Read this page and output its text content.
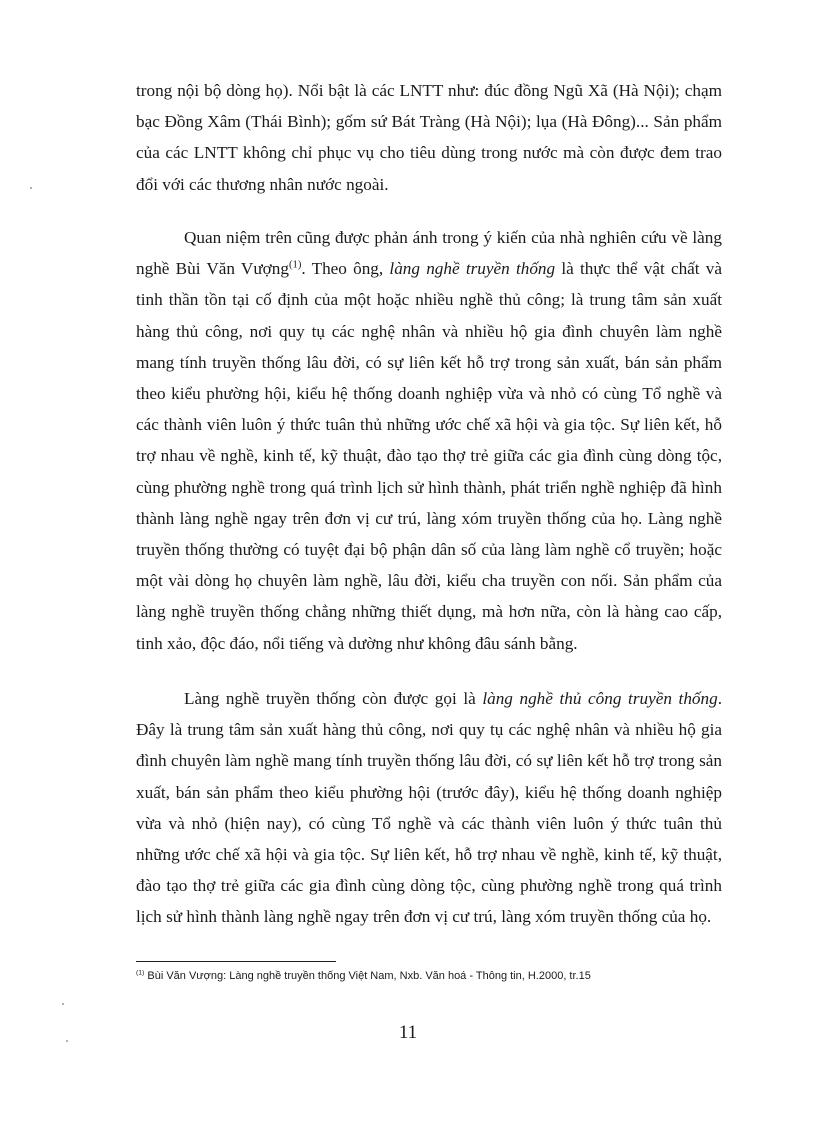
trong nội bộ dòng họ). Nổi bật là các LNTT như: đúc đồng Ngũ Xã (Hà Nội); chạm bạc Đồng Xâm (Thái Bình); gốm sứ Bát Tràng (Hà Nội); lụa (Hà Đông)... Sản phẩm của các LNTT không chỉ phục vụ cho tiêu dùng trong nước mà còn được đem trao đổi với các thương nhân nước ngoài.

Quan niệm trên cũng được phản ánh trong ý kiến của nhà nghiên cứu về làng nghề Bùi Văn Vượng$^{(1)}$. Theo ông, làng nghề truyền thống là thực thể vật chất và tinh thần tồn tại cố định của một hoặc nhiều nghề thủ công; là trung tâm sản xuất hàng thủ công, nơi quy tụ các nghệ nhân và nhiều hộ gia đình chuyên làm nghề mang tính truyền thống lâu đời, có sự liên kết hỗ trợ trong sản xuất, bán sản phẩm theo kiểu phường hội, kiểu hệ thống doanh nghiệp vừa và nhỏ có cùng Tổ nghề và các thành viên luôn ý thức tuân thủ những ước chế xã hội và gia tộc. Sự liên kết, hỗ trợ nhau về nghề, kinh tế, kỹ thuật, đào tạo thợ trẻ giữa các gia đình cùng dòng tộc, cùng phường nghề trong quá trình lịch sử hình thành, phát triển nghề nghiệp đã hình thành làng nghề ngay trên đơn vị cư trú, làng xóm truyền thống của họ. Làng nghề truyền thống thường có tuyệt đại bộ phận dân số của làng làm nghề cổ truyền; hoặc một vài dòng họ chuyên làm nghề, lâu đời, kiểu cha truyền con nối. Sản phẩm của làng nghề truyền thống chẳng những thiết dụng, mà hơn nữa, còn là hàng cao cấp, tinh xảo, độc đáo, nổi tiếng và dường như không đâu sánh bằng.

Làng nghề truyền thống còn được gọi là làng nghề thủ công truyền thống. Đây là trung tâm sản xuất hàng thủ công, nơi quy tụ các nghệ nhân và nhiều hộ gia đình chuyên làm nghề mang tính truyền thống lâu đời, có sự liên kết hỗ trợ trong sản xuất, bán sản phẩm theo kiểu phường hội (trước đây), kiểu hệ thống doanh nghiệp vừa và nhỏ (hiện nay), có cùng Tổ nghề và các thành viên luôn ý thức tuân thủ những ước chế xã hội và gia tộc. Sự liên kết, hỗ trợ nhau về nghề, kinh tế, kỹ thuật, đào tạo thợ trẻ giữa các gia đình cùng dòng tộc, cùng phường nghề trong quá trình lịch sử hình thành làng nghề ngay trên đơn vị cư trú, làng xóm truyền thống của họ.

$^{(1)}$ Bùi Văn Vượng: Làng nghề truyền thống Việt Nam, Nxb. Văn hoá - Thông tin, H.2000, tr.15

11
